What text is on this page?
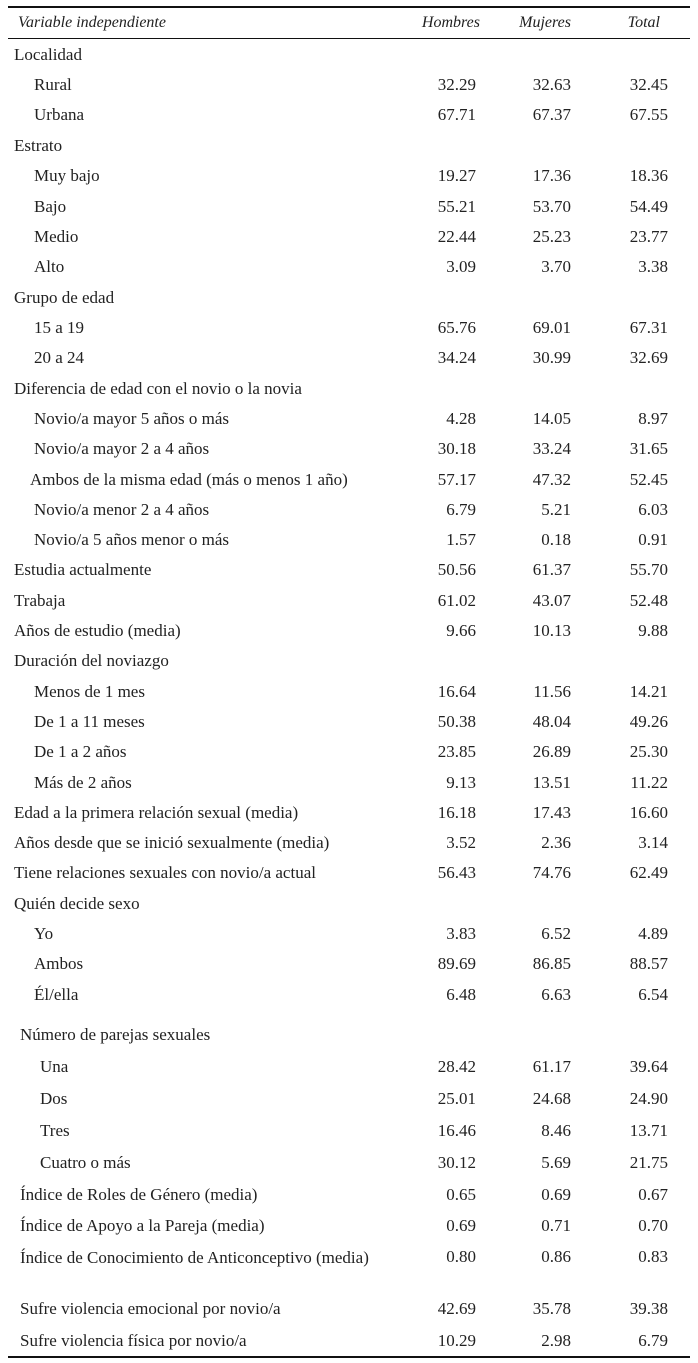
Variable independiente	Hombres Mujeres	Total
Localidad
Rural	32.29	32.63	32.45
Urbana	67.71	67.37	67.55
Estrato
Muy bajo	19.27	17.36	18.36
Bajo	55.21	53.70	54.49
Medio	22.44	25.23	23.77
Alto	3.09	3.70	3.38
Grupo de edad
15 a 19	65.76	69.01	67.31
20 a 24	34.24	30.99	32.69
Diferencia de edad con el novio o la novia
Novio/a mayor 5 años o más	4.28	14.05	8.97
Novio/a mayor 2 a 4 años	30.18	33.24	31.65
Ambos de la misma edad (más o menos 1 año)	57.17	47.32	52.45
Novio/a menor 2 a 4 años	6.79	5.21	6.03
Novio/a 5 años menor o más	1.57	0.18	0.91
Estudia actualmente	50.56	61.37	55.70
Trabaja	61.02	43.07	52.48
Años de estudio (media)	9.66	10.13	9.88
Duración del noviazgo
Menos de 1 mes	16.64	11.56	14.21
De 1 a 11 meses	50.38	48.04	49.26
De 1 a 2 años	23.85	26.89	25.30
Más de 2 años	9.13	13.51	11.22
Edad a la primera relación sexual (media)	16.18	17.43	16.60
Años desde que se inició sexualmente (media)	3.52	2.36	3.14
Tiene relaciones sexuales con novio/a actual	56.43	74.76	62.49
Quién decide sexo
Yo	3.83	6.52	4.89
Ambos	89.69	86.85	88.57
Él/ella	6.48	6.63	6.54
Número de parejas sexuales
Una	28.42	61.17	39.64
Dos	25.01	24.68	24.90
Tres	16.46	8.46	13.71
Cuatro o más	30.12	5.69	21.75
Índice de Roles de Género (media)	0.65	0.69	0.67
Índice de Apoyo a la Pareja (media)	0.69	0.71	0.70
Índice de Conocimiento de Anticonceptivo (media)	0.80	0.86	0.83
Sufre violencia emocional por novio/a	42.69	35.78	39.38
Sufre violencia física por novio/a	10.29	2.98	6.79
